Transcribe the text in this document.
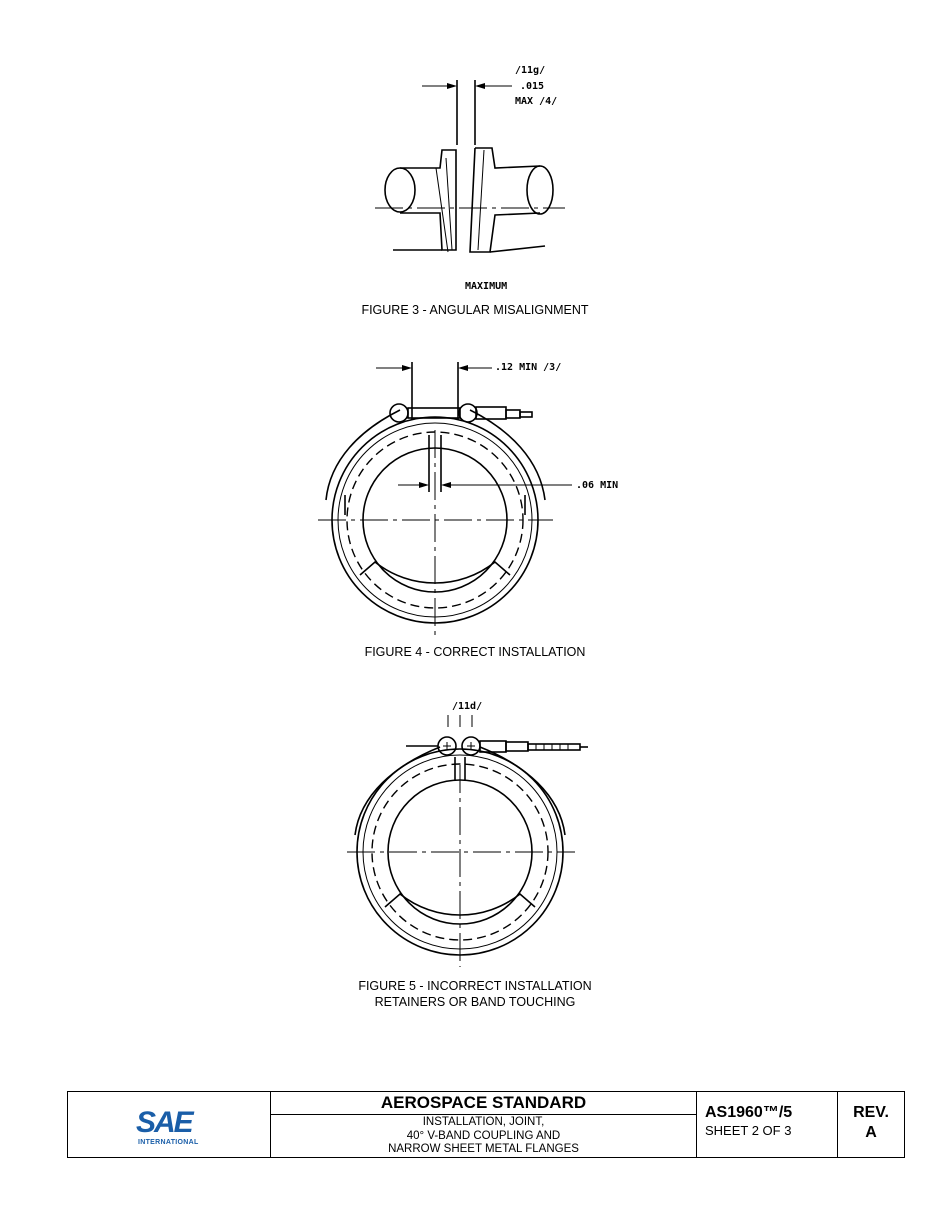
/11g/
.015
MAX /4/
MAXIMUM
FIGURE 3 - ANGULAR MISALIGNMENT
.12 MIN /3/
.06 MIN
FIGURE 4 - CORRECT INSTALLATION
/11d/
FIGURE 5 - INCORRECT INSTALLATION
RETAINERS OR BAND TOUCHING
SAE
INTERNATIONAL
AEROSPACE STANDARD
INSTALLATION, JOINT,
40° V-BAND COUPLING AND
NARROW SHEET METAL FLANGES
AS1960™/5
SHEET 2 OF 3
REV.
A
